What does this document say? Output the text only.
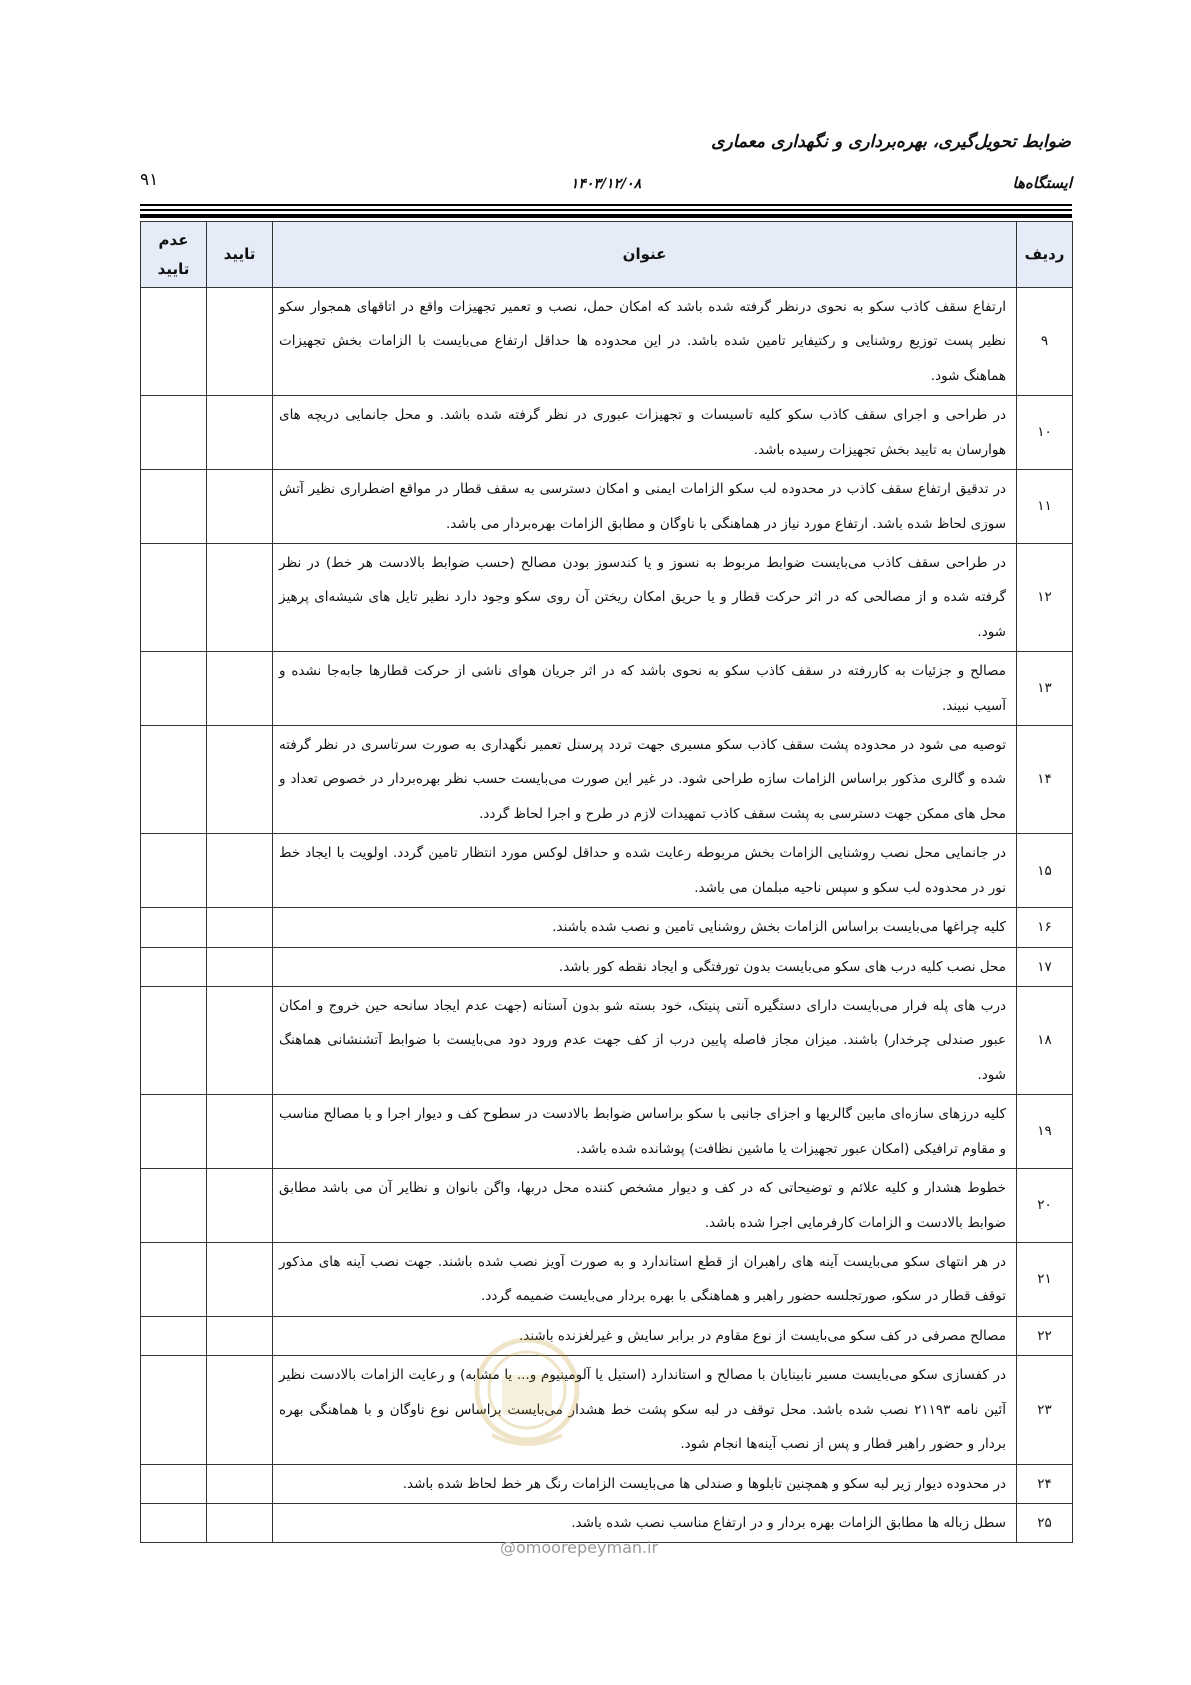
ضوابط تحویل‌گیری، بهره‌برداری و نگهداری معماری
ایستگاه‌ها
۱۴۰۳/۱۲/۰۸
۹۱
ردیف	عنوان	تایید	عدم تایید
۹	ارتفاع سقف کاذب سکو به نحوی درنظر گرفته شده باشد که امکان حمل، نصب و تعمیر تجهیزات واقع در اتاقهای همجوار سکو نظیر پست توزیع روشنایی و رکتیفایر تامین شده باشد. در این محدوده ها حداقل ارتفاع می‌بایست با الزامات بخش تجهیزات هماهنگ شود.		
۱۰	در طراحی و اجرای سقف کاذب سکو کلیه تاسیسات و تجهیزات عبوری در نظر گرفته شده باشد. و محل جانمایی دریچه های هوارسان به تایید بخش تجهیزات رسیده باشد.		
۱۱	در تدقیق ارتفاع سقف کاذب در محدوده لب سکو الزامات ایمنی و امکان دسترسی به سقف قطار در مواقع اضطراری نظیر آتش سوزی لحاظ شده باشد. ارتفاع مورد نیاز در هماهنگی با ناوگان و مطابق الزامات بهره‌بردار می باشد.		
۱۲	در طراحی سقف کاذب می‌بایست ضوابط مربوط به نسوز و یا کندسوز بودن مصالح (حسب ضوابط بالادست هر خط) در نظر گرفته شده و از مصالحی که در اثر حرکت قطار و یا حریق امکان ریختن آن روی سکو وجود دارد نظیر تایل های شیشه‌ای پرهیز شود.		
۱۳	مصالح و جزئیات به کاررفته در سقف کاذب سکو به نحوی باشد که در اثر جریان هوای ناشی از حرکت قطارها جابه‌جا نشده و آسیب نبیند.		
۱۴	توصیه می شود در محدوده پشت سقف کاذب سکو مسیری جهت تردد پرسنل تعمیر نگهداری به صورت سرتاسری در نظر گرفته شده و گالری مذکور براساس الزامات سازه طراحی شود. در غیر این صورت می‌بایست حسب نظر بهره‌بردار در خصوص تعداد و محل های ممکن جهت دسترسی به پشت سقف کاذب تمهیدات لازم در طرح و اجرا لحاظ گردد.		
۱۵	در جانمایی محل نصب روشنایی الزامات بخش مربوطه رعایت شده و حداقل لوکس مورد انتظار تامین گردد. اولویت با ایجاد خط نور در محدوده لب سکو و سپس ناحیه مبلمان می باشد.		
۱۶	کلیه چراغها می‌بایست براساس الزامات بخش روشنایی تامین و نصب شده باشند.		
۱۷	محل نصب کلیه درب های سکو می‌بایست بدون تورفتگی و ایجاد نقطه کور باشد.		
۱۸	درب های پله فرار می‌بایست دارای دستگیره آنتی پنیتک، خود بسته شو بدون آستانه (جهت عدم ایجاد سانحه حین خروج و امکان عبور صندلی چرخدار) باشند. میزان مجاز فاصله پایین درب از کف جهت عدم ورود دود می‌بایست با ضوابط آتشنشانی هماهنگ شود.		
۱۹	کلیه درزهای سازه‌ای مابین گالریها و اجزای جانبی با سکو براساس ضوابط بالادست در سطوح کف و دیوار اجرا و با مصالح مناسب و مقاوم ترافیکی (امکان عبور تجهیزات یا ماشین نظافت) پوشانده شده باشد.		
۲۰	خطوط هشدار و کلیه علائم و توضیحاتی که در کف و دیوار مشخص کننده محل دربها، واگن بانوان و نظایر آن می باشد مطابق ضوابط بالادست و الزامات کارفرمایی اجرا شده باشد.		
۲۱	در هر انتهای سکو می‌بایست آینه های راهبران از قطع استاندارد و به صورت آویز نصب شده باشند. جهت نصب آینه های مذکور توقف قطار در سکو، صورتجلسه حضور راهبر و هماهنگی با بهره بردار می‌بایست ضمیمه گردد.		
۲۲	مصالح مصرفی در کف سکو می‌بایست از نوع مقاوم در برابر سایش و غیرلغزنده باشند.		
۲۳	در کفسازی سکو می‌بایست مسیر نابینایان با مصالح و استاندارد (استیل یا آلومینیوم و... یا مشابه) و رعایت الزامات بالادست نظیر آئین نامه ۲۱۱۹۳ نصب شده باشد. محل توقف در لبه سکو پشت خط هشدار می‌بایست براساس نوع ناوگان و با هماهنگی بهره بردار و حضور راهبر قطار و پس از نصب آینه‌ها انجام شود.		
۲۴	در محدوده دیوار زیر لبه سکو و همچنین تابلوها و صندلی ها می‌بایست الزامات رنگ هر خط لحاظ شده باشد.		
۲۵	سطل زباله ها مطابق الزامات بهره بردار و در ارتفاع مناسب نصب شده باشد.		
@omoorepeyman.ir
